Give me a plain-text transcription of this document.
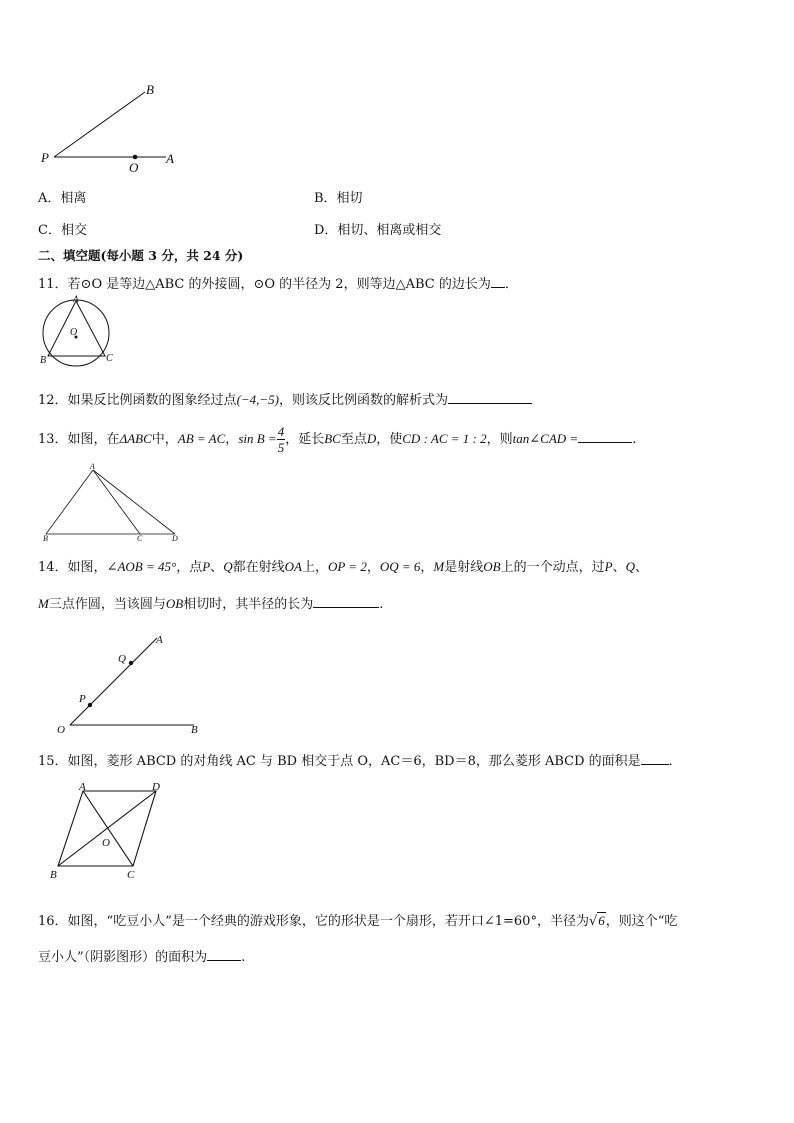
B
P
O
A
A．相离	B．相切
C．相交	D．相切、相离或相交
二、填空题(每小题 3 分，共 24 分)
11．若⊙O 是等边△ABC 的外接圆，⊙O 的半径为 2，则等边△ABC 的边长为 ．
A
O
B	C
12．如果反比例函数的图象经过点(−4,−5)，则该反比例函数的解析式为
13．如图，在ΔABC中，AB = AC，$\sin B = \frac{4}{5}$ ，延长BC至点D，使CD : AC = 1 : 2，则tan∠CAD =	.
A
B	C	D
14．如图，∠AOB = 45°，点P、Q都在射线OA上，OP = 2，OQ = 6，M是射线OB上的一个动点，过P、Q、
M三点作圆，当该圆与OB相切时，其半径的长为	.
A
Q
P
O	B
15．如图，菱形 ABCD 的对角线 AC 与 BD 相交于点 O，AC＝6，BD＝8，那么菱形 ABCD 的面积是 ．
A	D
O
B	C
16．如图，“吃豆小人”是一个经典的游戏形象，它的形状是一个扇形，若开口∠1=60°，半径为√6，则这个“吃
豆小人”（阴影图形）的面积为	.
